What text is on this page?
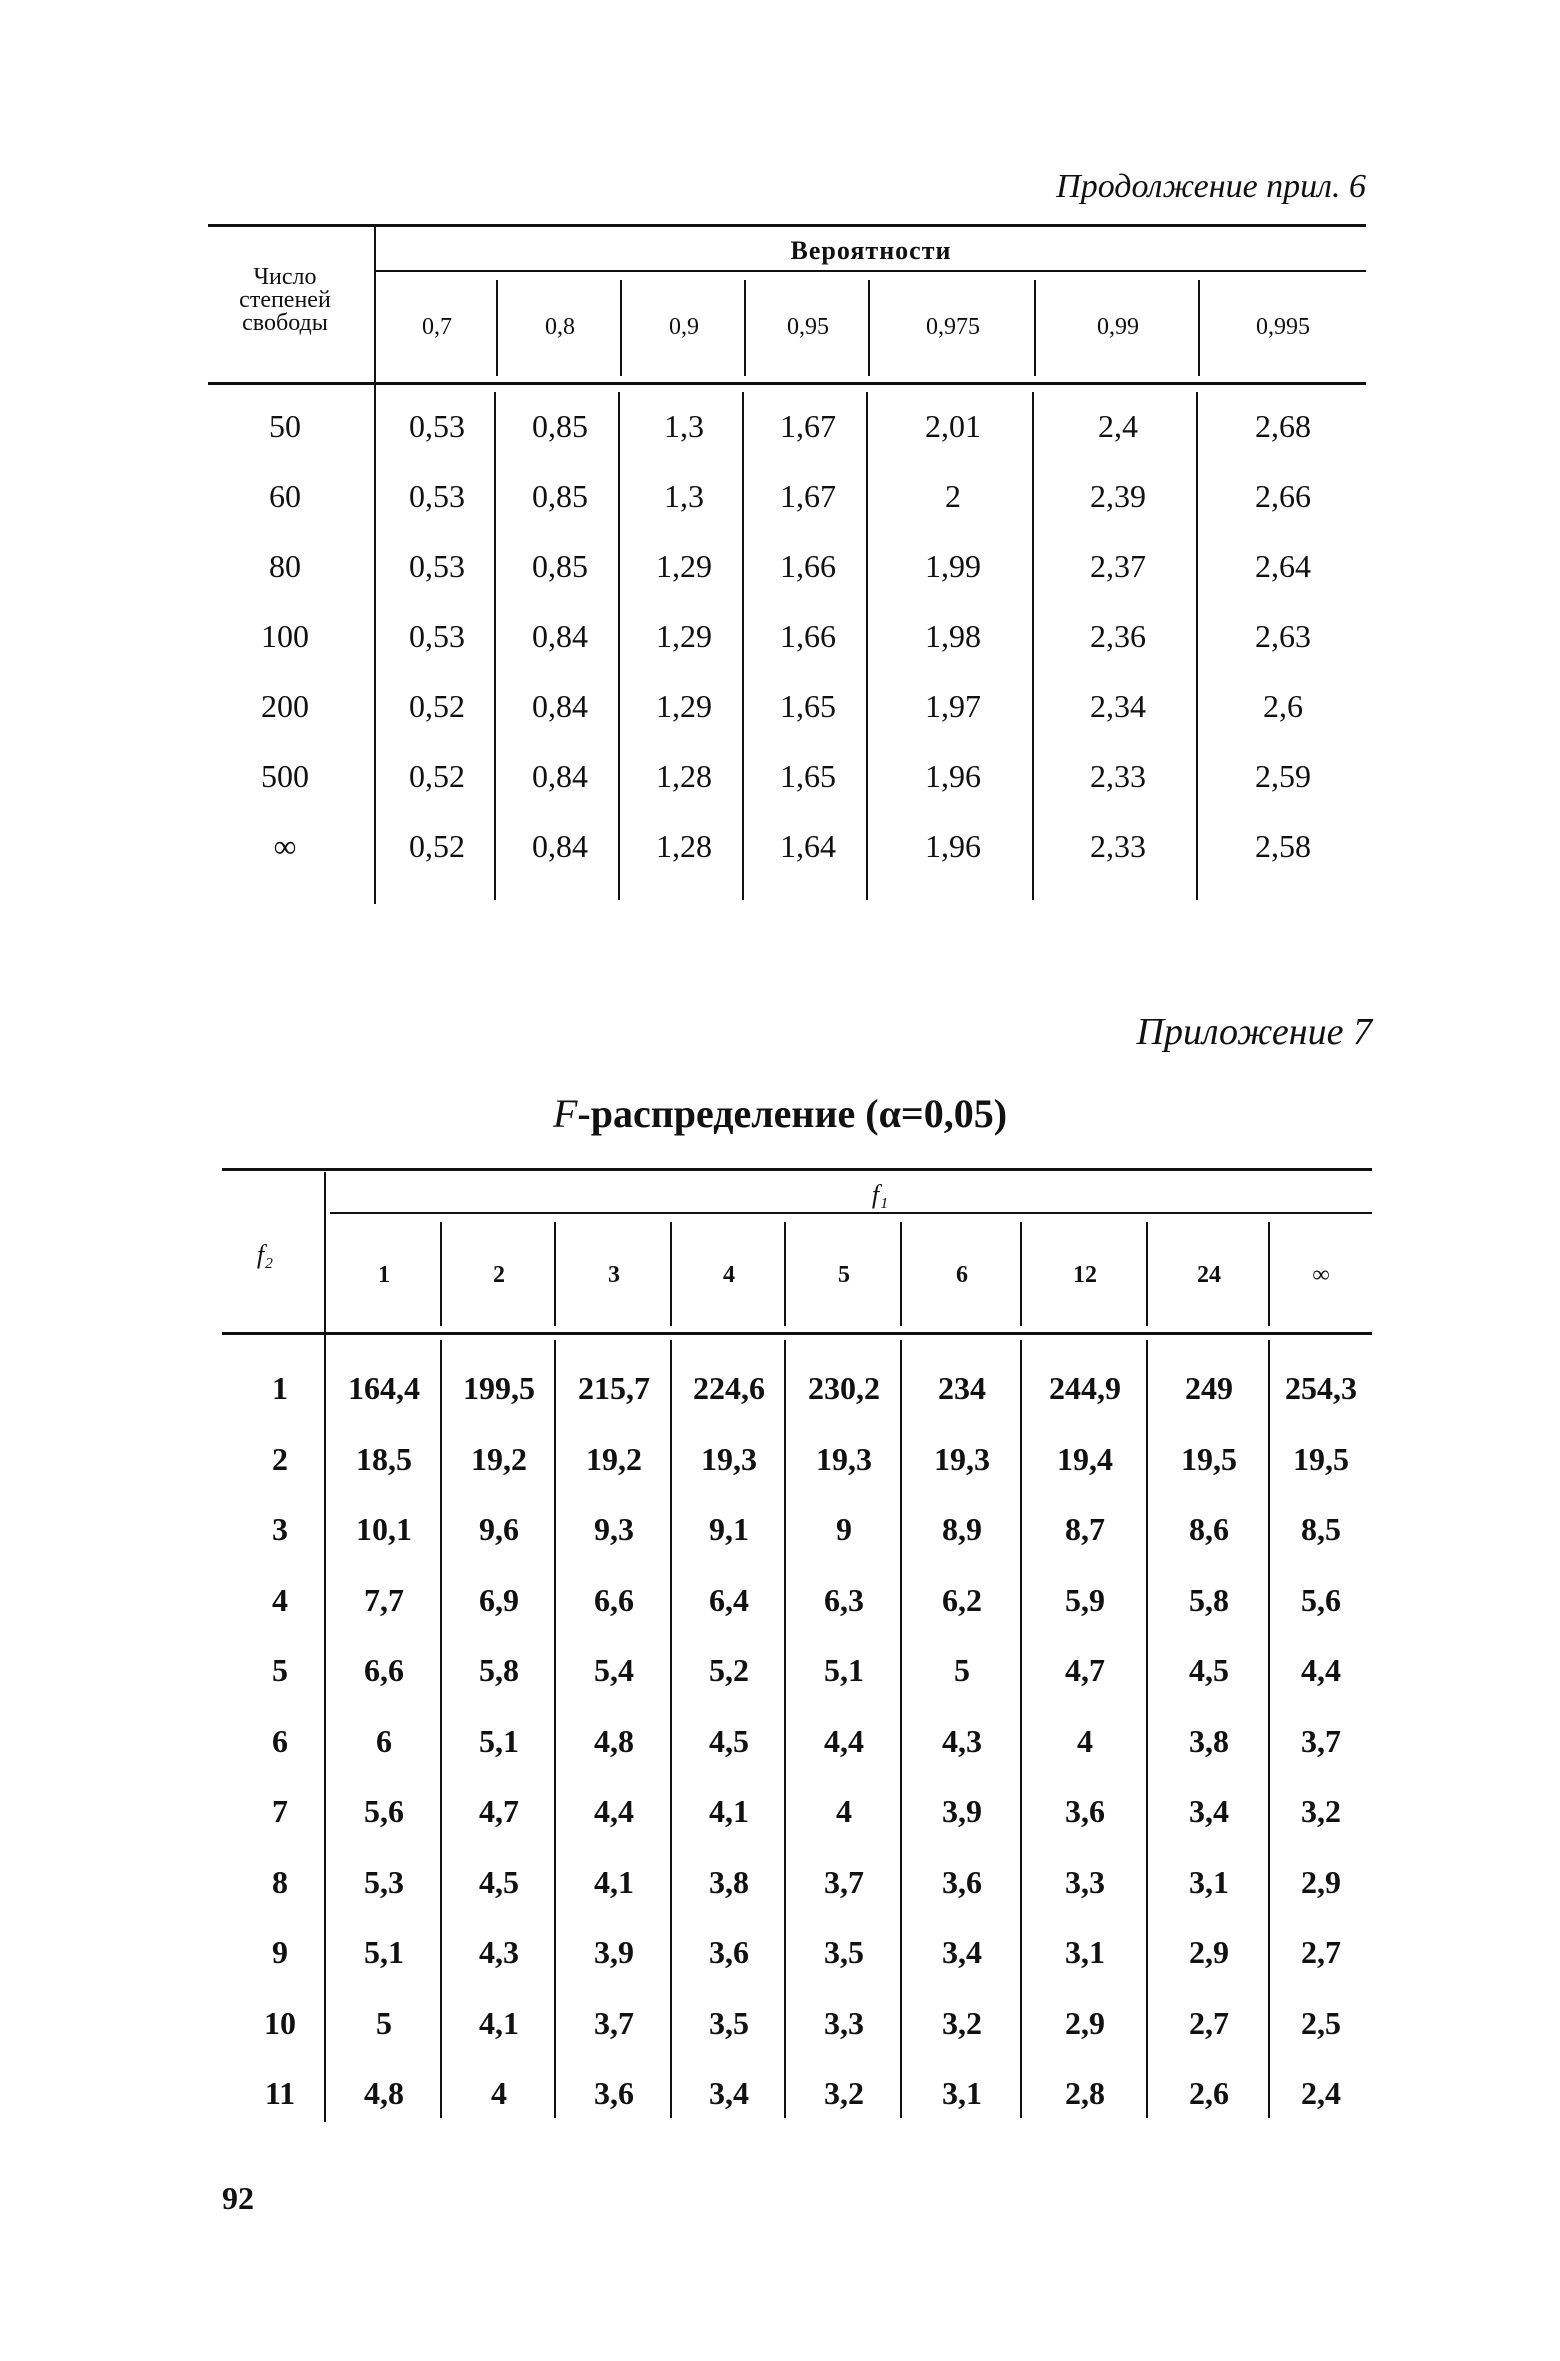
Продолжение прил. 6
Число
степеней
свободы
Вероятности
0,7	0,8	0,9	0,95	0,975	0,99	0,995
50	0,53	0,85	1,3	1,67	2,01	2,4	2,68
60	0,53	0,85	1,3	1,67	2	2,39	2,66
80	0,53	0,85	1,29	1,66	1,99	2,37	2,64
100	0,53	0,84	1,29	1,66	1,98	2,36	2,63
200	0,52	0,84	1,29	1,65	1,97	2,34	2,6
500	0,52	0,84	1,28	1,65	1,96	2,33	2,59
∞	0,52	0,84	1,28	1,64	1,96	2,33	2,58
Приложение 7
F-распределение (α=0,05)
f₂
f₁
1	2	3	4	5	6	12	24	∞
1	164,4	199,5	215,7	224,6	230,2	234	244,9	249	254,3
2	18,5	19,2	19,2	19,3	19,3	19,3	19,4	19,5	19,5
3	10,1	9,6	9,3	9,1	9	8,9	8,7	8,6	8,5
4	7,7	6,9	6,6	6,4	6,3	6,2	5,9	5,8	5,6
5	6,6	5,8	5,4	5,2	5,1	5	4,7	4,5	4,4
6	6	5,1	4,8	4,5	4,4	4,3	4	3,8	3,7
7	5,6	4,7	4,4	4,1	4	3,9	3,6	3,4	3,2
8	5,3	4,5	4,1	3,8	3,7	3,6	3,3	3,1	2,9
9	5,1	4,3	3,9	3,6	3,5	3,4	3,1	2,9	2,7
10	5	4,1	3,7	3,5	3,3	3,2	2,9	2,7	2,5
11	4,8	4	3,6	3,4	3,2	3,1	2,8	2,6	2,4
92
